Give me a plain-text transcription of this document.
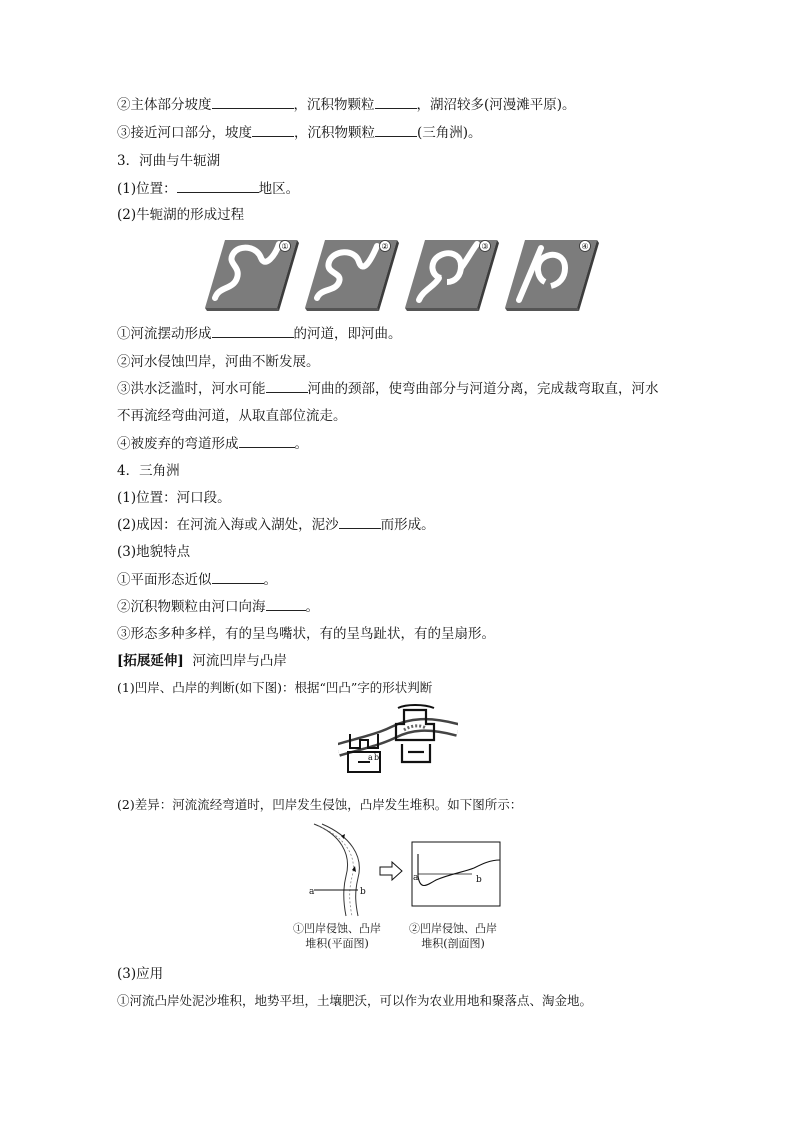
②主体部分坡度	，沉积物颗粒	，湖沼较多(河漫滩平原)。
③接近河口部分，坡度	，沉积物颗粒	(三角洲)。
3．河曲与牛轭湖
(1)位置：	地区。
(2)牛轭湖的形成过程
①	②	③	④
①河流摆动形成	的河道，即河曲。
②河水侵蚀凹岸，河曲不断发展。
③洪水泛滥时，河水可能	河曲的颈部，使弯曲部分与河道分离，完成裁弯取直，河水
不再流经弯曲河道，从取直部位流走。
④被废弃的弯道形成	。
4．三角洲
(1)位置：河口段。
(2)成因：在河流入海或入湖处，泥沙	而形成。
(3)地貌特点
①平面形态近似	。
②沉积物颗粒由河口向海	。
③形态多种多样，有的呈鸟嘴状，有的呈鸟趾状，有的呈扇形。
[拓展延伸] 河流凹岸与凸岸
(1)凹岸、凸岸的判断(如下图)：根据“凹凸”字的形状判断
a b
(2)差异：河流流经弯道时，凹岸发生侵蚀，凸岸发生堆积。如下图所示：
a	b
a	b
①凹岸侵蚀、凸岸
堆积(平面图)
②凹岸侵蚀、凸岸
堆积(剖面图)
(3)应用
①河流凸岸处泥沙堆积，地势平坦，土壤肥沃，可以作为农业用地和聚落点、淘金地。
